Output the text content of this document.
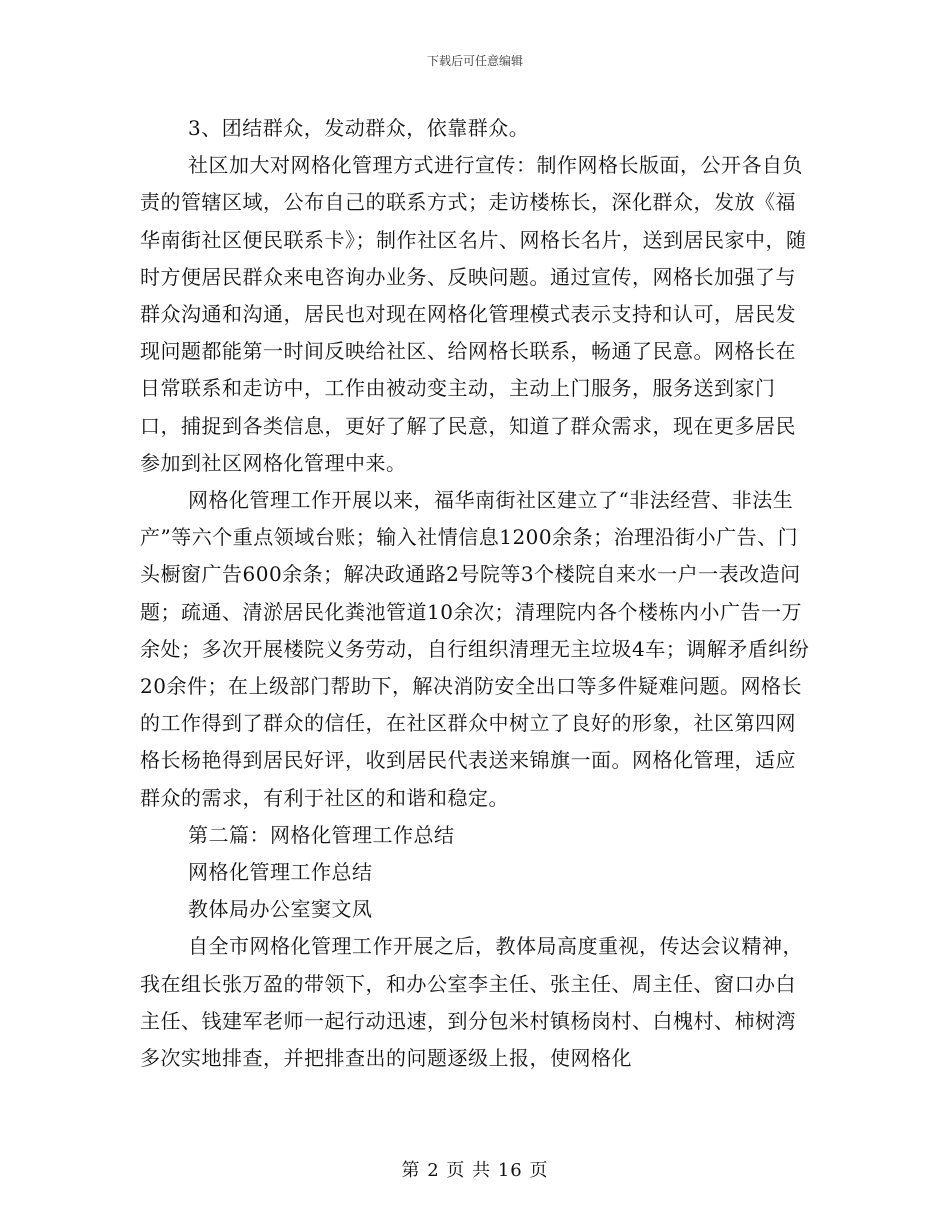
下载后可任意编辑

3、团结群众，发动群众，依靠群众。

社区加大对网格化管理方式进行宣传：制作网格长版面，公开各自负责的管辖区域，公布自己的联系方式；走访楼栋长，深化群众，发放《福华南街社区便民联系卡》；制作社区名片、网格长名片，送到居民家中，随时方便居民群众来电咨询办业务、反映问题。通过宣传，网格长加强了与群众沟通和沟通，居民也对现在网格化管理模式表示支持和认可，居民发现问题都能第一时间反映给社区、给网格长联系，畅通了民意。网格长在日常联系和走访中，工作由被动变主动，主动上门服务，服务送到家门口，捕捉到各类信息，更好了解了民意，知道了群众需求，现在更多居民参加到社区网格化管理中来。

网格化管理工作开展以来，福华南街社区建立了“非法经营、非法生产”等六个重点领域台账；输入社情信息1200余条；治理沿街小广告、门头橱窗广告600余条；解决政通路2号院等3个楼院自来水一户一表改造问题；疏通、清淤居民化粪池管道10余次；清理院内各个楼栋内小广告一万余处；多次开展楼院义务劳动，自行组织清理无主垃圾4车；调解矛盾纠纷20余件；在上级部门帮助下，解决消防安全出口等多件疑难问题。网格长的工作得到了群众的信任，在社区群众中树立了良好的形象，社区第四网格长杨艳得到居民好评，收到居民代表送来锦旗一面。网格化管理，适应群众的需求，有利于社区的和谐和稳定。

第二篇：网格化管理工作总结

网格化管理工作总结

教体局办公室窦文凤

自全市网格化管理工作开展之后，教体局高度重视，传达会议精神，我在组长张万盈的带领下，和办公室李主任、张主任、周主任、窗口办白主任、钱建军老师一起行动迅速，到分包米村镇杨岗村、白槐村、柿树湾多次实地排查，并把排查出的问题逐级上报，使网格化

第 2 页 共 16 页
